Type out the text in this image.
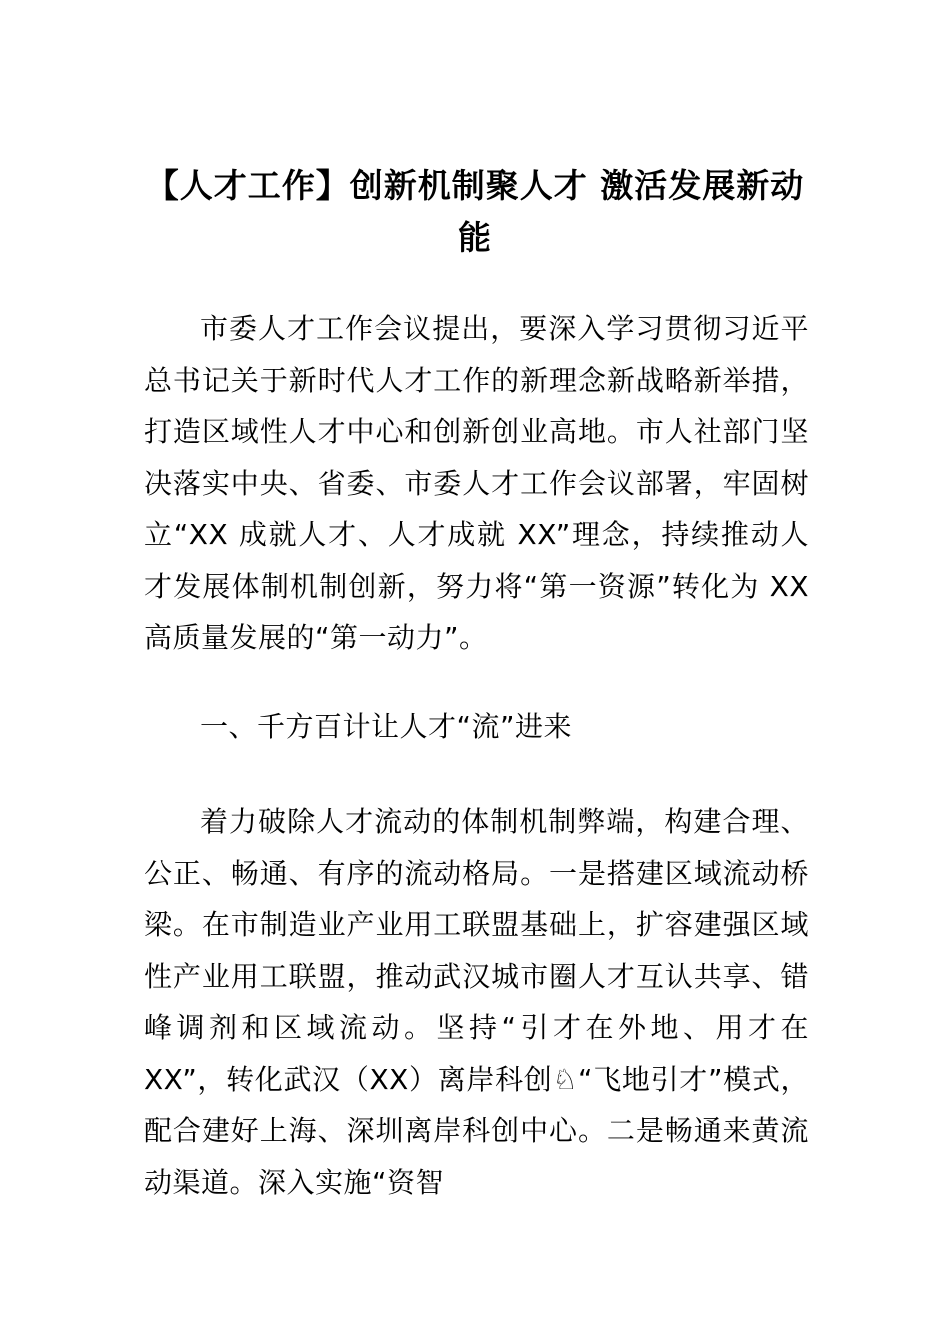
【人才工作】创新机制聚人才 激活发展新动能

市委人才工作会议提出，要深入学习贯彻习近平总书记关于新时代人才工作的新理念新战略新举措，打造区域性人才中心和创新创业高地。市人社部门坚决落实中央、省委、市委人才工作会议部署，牢固树立“XX 成就人才、人才成就 XX”理念，持续推动人才发展体制机制创新，努力将“第一资源”转化为 XX 高质量发展的“第一动力”。

一、千方百计让人才“流”进来

着力破除人才流动的体制机制弊端，构建合理、公正、畅通、有序的流动格局。一是搭建区域流动桥梁。在市制造业产业用工联盟基础上，扩容建强区域性产业用工联盟，推动武汉城市圈人才互认共享、错峰调剂和区域流动。坚持“引才在外地、用才在 XX”，转化武汉（XX）离岸科创♘“飞地引才”模式，配合建好上海、深圳离岸科创中心。二是畅通来黄流动渠道。深入实施“资智
